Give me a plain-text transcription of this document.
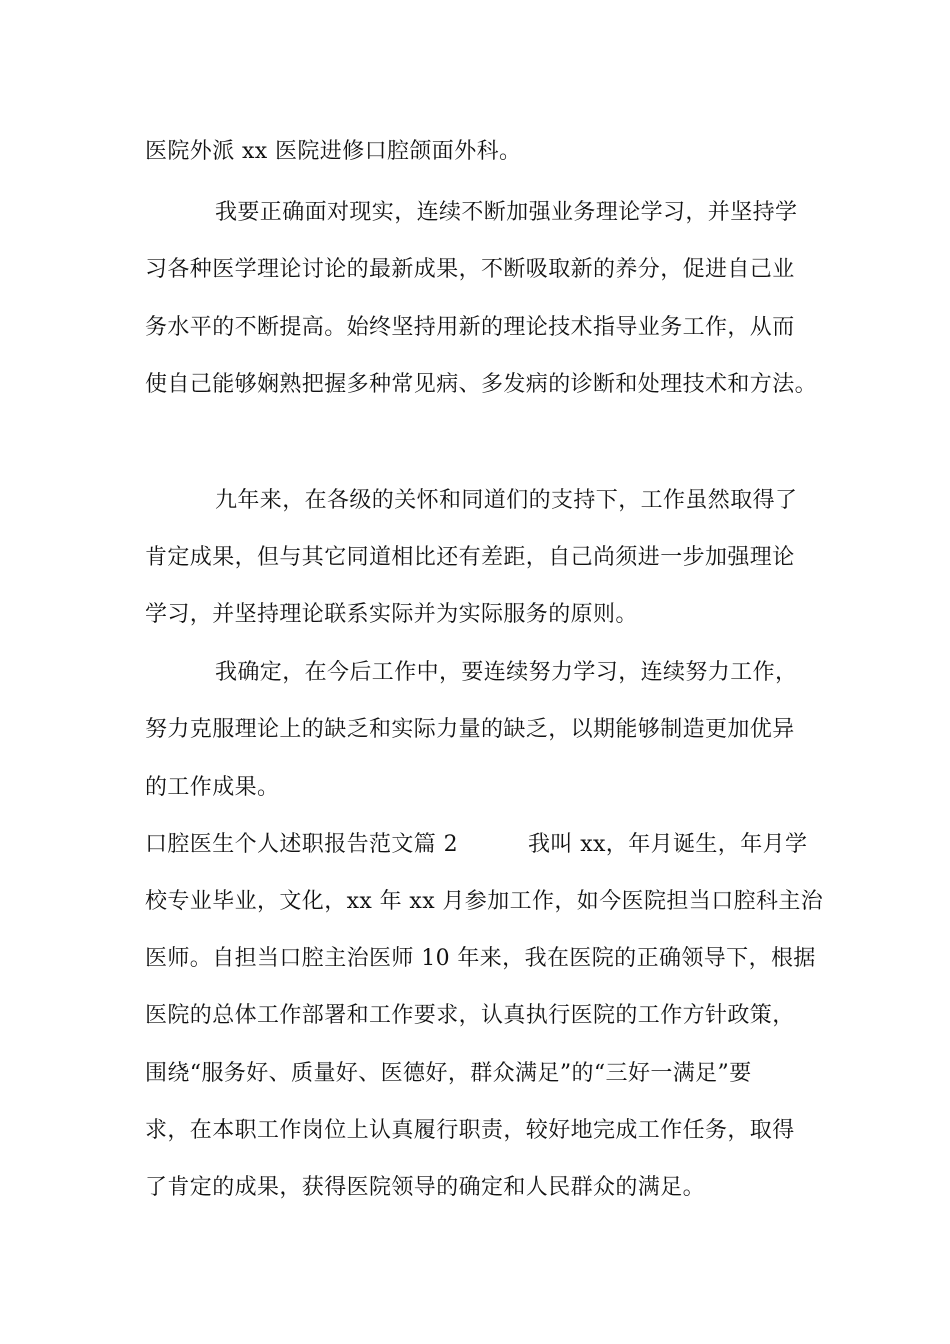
医院外派 xx 医院进修口腔颌面外科。
我要正确面对现实，连续不断加强业务理论学习，并坚持学
习各种医学理论讨论的最新成果，不断吸取新的养分，促进自己业
务水平的不断提高。始终坚持用新的理论技术指导业务工作，从而
使自己能够娴熟把握多种常见病、多发病的诊断和处理技术和方法。
九年来，在各级的关怀和同道们的支持下，工作虽然取得了
肯定成果，但与其它同道相比还有差距，自己尚须进一步加强理论
学习，并坚持理论联系实际并为实际服务的原则。
我确定，在今后工作中，要连续努力学习，连续努力工作，
努力克服理论上的缺乏和实际力量的缺乏，以期能够制造更加优异
的工作成果。
口腔医生个人述职报告范文篇 2	我叫 xx，年月诞生，年月学
校专业毕业，文化，xx 年 xx 月参加工作，如今医院担当口腔科主治
医师。自担当口腔主治医师 10 年来，我在医院的正确领导下，根据
医院的总体工作部署和工作要求，认真执行医院的工作方针政策，
围绕“服务好、质量好、医德好，群众满足”的“三好一满足”要
求，在本职工作岗位上认真履行职责，较好地完成工作任务，取得
了肯定的成果，获得医院领导的确定和人民群众的满足。
